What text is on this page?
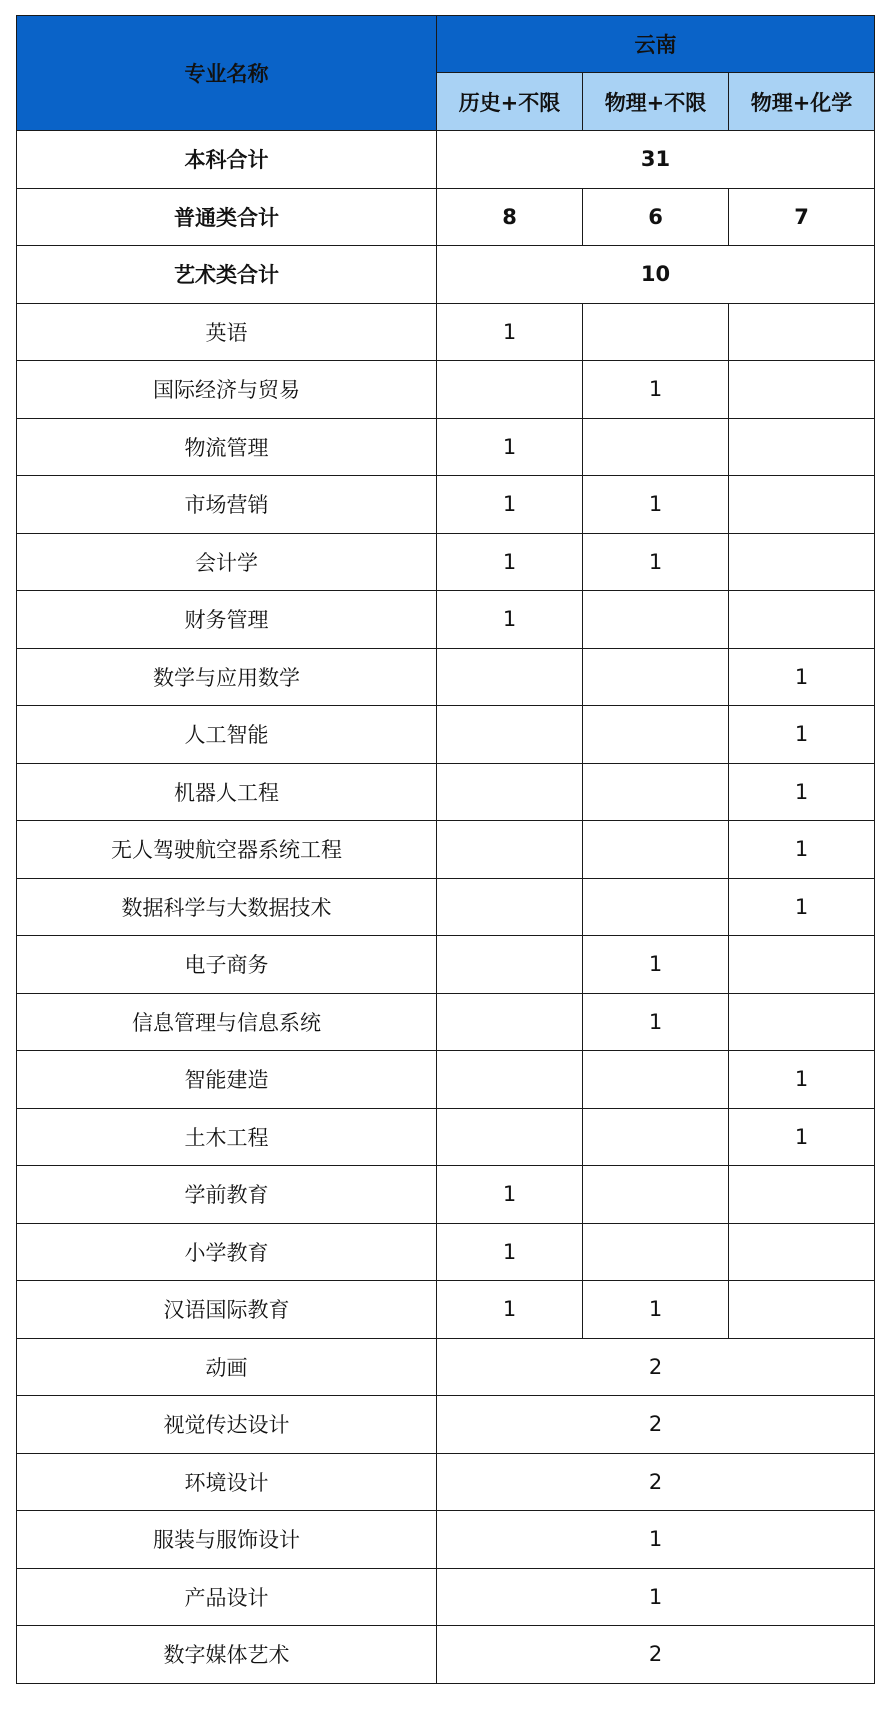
专业名称	云南		
	历史+不限	物理+不限	物理+化学
本科合计	31		
普通类合计	8	6	7
艺术类合计	10		
英语	1		
国际经济与贸易		1	
物流管理	1		
市场营销	1	1	
会计学	1	1	
财务管理	1		
数学与应用数学			1
人工智能			1
机器人工程			1
无人驾驶航空器系统工程			1
数据科学与大数据技术			1
电子商务		1	
信息管理与信息系统		1	
智能建造			1
土木工程			1
学前教育	1		
小学教育	1		
汉语国际教育	1	1	
动画	2		
视觉传达设计	2		
环境设计	2		
服装与服饰设计	1		
产品设计	1		
数字媒体艺术	2		
